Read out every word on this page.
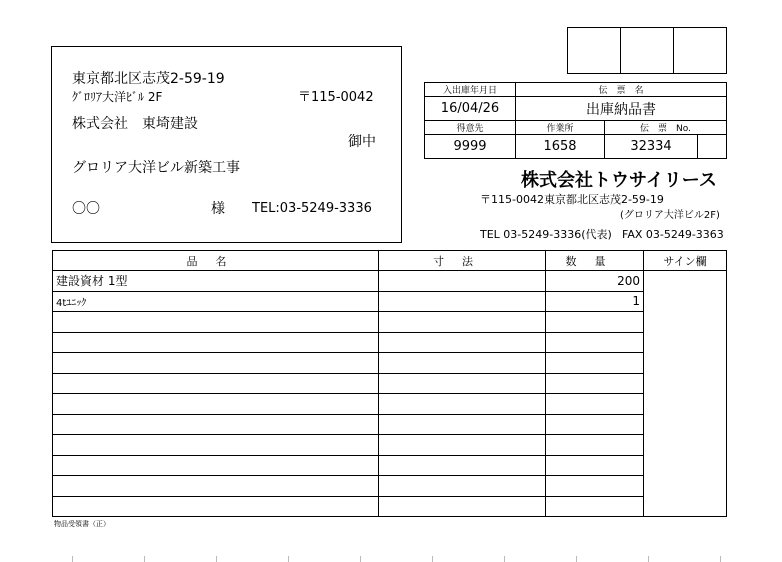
東京都北区志茂2-59-19
ｸﾞﾛﾘｱ大洋ﾋﾞﾙ 2F	〒115-0042
株式会社　東埼建設
御中
グロリア大洋ビル新築工事
〇〇	様 TEL:03-5249-3336
入出庫年月日	伝　票　名		
16/04/26	出庫納品書		
得意先	作業所	伝　票　No.	
9999	1658	32334	
株式会社トウサイリース
〒115-0042東京都北区志茂2-59-19
(グロリア大洋ビル2F)
TEL 03-5249-3336(代表) FAX 03-5249-3363
品名	寸法	数量	サイン欄
建設資材 1型		200	
4tﾕﾆｯｸ		1	

物品受領書（正）
